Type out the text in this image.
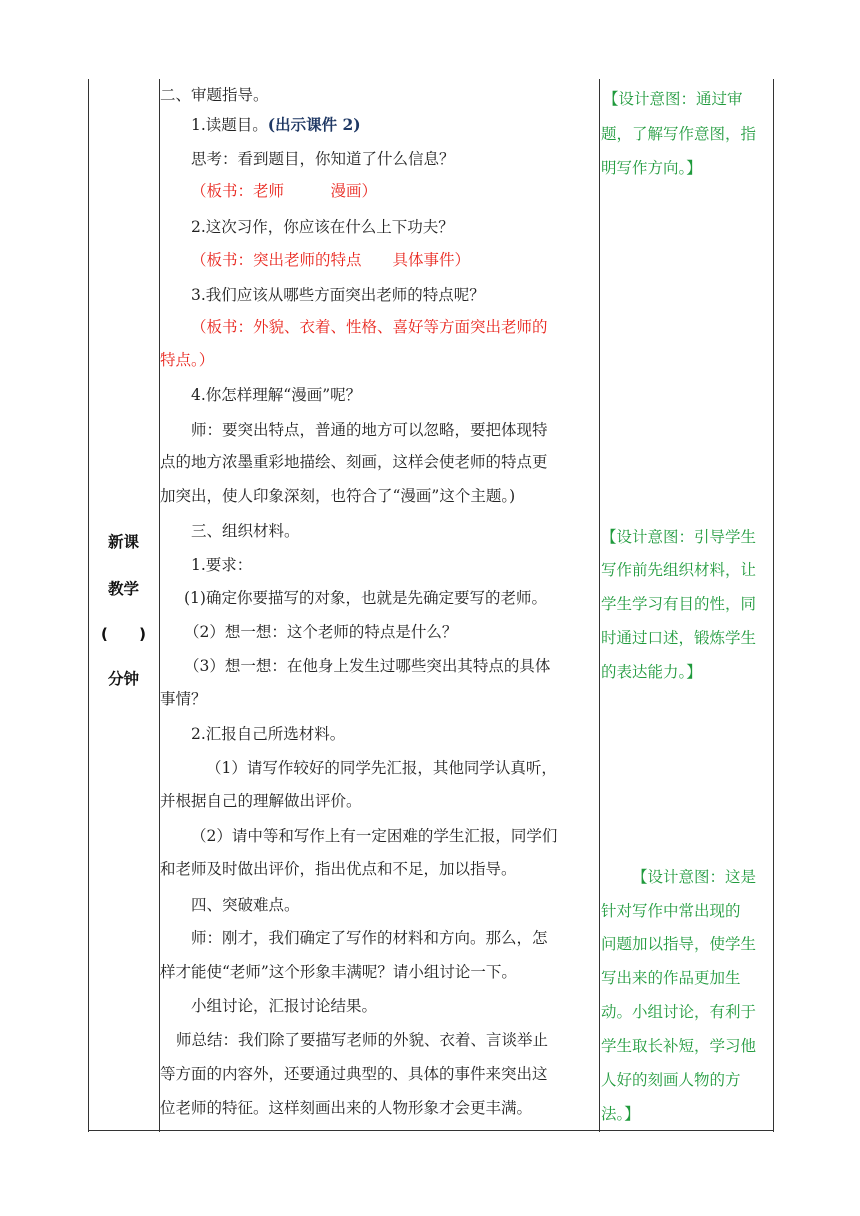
新课
教学
(　　)
分钟
二、审题指导。
1.读题目。(出示课件 2)
思考：看到题目，你知道了什么信息？
（板书：老师　　　漫画）
2.这次习作，你应该在什么上下功夫？
（板书：突出老师的特点　　具体事件）
3.我们应该从哪些方面突出老师的特点呢？
（板书：外貌、衣着、性格、喜好等方面突出老师的
特点。）
4.你怎样理解“漫画”呢？
师：要突出特点，普通的地方可以忽略，要把体现特
点的地方浓墨重彩地描绘、刻画，这样会使老师的特点更
加突出，使人印象深刻，也符合了“漫画”这个主题。)
三、组织材料。
1.要求：
(1)确定你要描写的对象，也就是先确定要写的老师。
（2）想一想：这个老师的特点是什么？
（3）想一想：在他身上发生过哪些突出其特点的具体
事情？
2.汇报自己所选材料。
（1）请写作较好的同学先汇报，其他同学认真听，
并根据自己的理解做出评价。
（2）请中等和写作上有一定困难的学生汇报，同学们
和老师及时做出评价，指出优点和不足，加以指导。
四、突破难点。
师：刚才，我们确定了写作的材料和方向。那么，怎
样才能使“老师”这个形象丰满呢？请小组讨论一下。
小组讨论，汇报讨论结果。
师总结：我们除了要描写老师的外貌、衣着、言谈举止
等方面的内容外，还要通过典型的、具体的事件来突出这
位老师的特征。这样刻画出来的人物形象才会更丰满。
【设计意图：通过审
题，了解写作意图，指
明写作方向。】
【设计意图：引导学生
写作前先组织材料，让
学生学习有目的性，同
时通过口述，锻炼学生
的表达能力。】
【设计意图：这是
针对写作中常出现的
问题加以指导，使学生
写出来的作品更加生
动。小组讨论，有利于
学生取长补短，学习他
人好的刻画人物的方
法。】
